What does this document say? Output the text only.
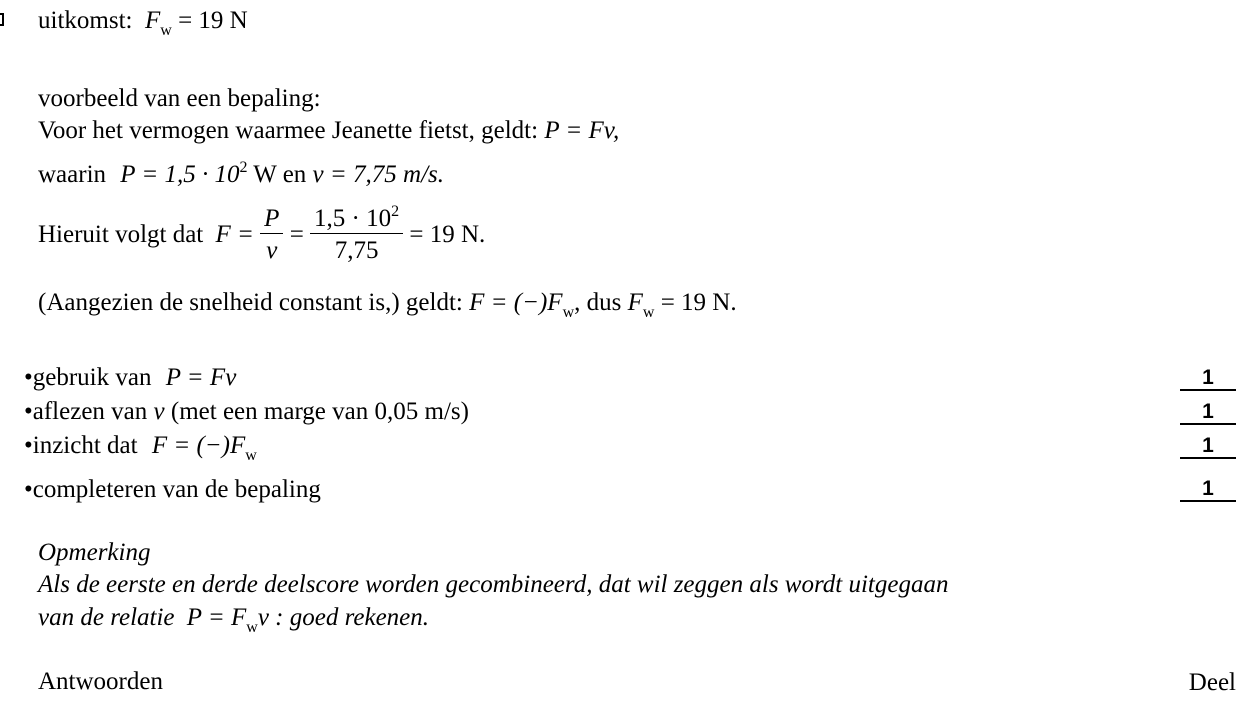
uitkomst:  $F_w = 19$ N
voorbeeld van een bepaling:
Voor het vermogen waarmee Jeanette fietst, geldt: P = Fv,
waarin $P = 1,5 \cdot 10^2$ W en v = 7,75 m/s.
Hieruit volgt dat $F = \frac{P}{v} = \frac{1,5 \cdot 10^2}{7,75} = 19$ N.
(Aangezien de snelheid constant is,) geldt: $F = (-)F_w$, dus $F_w = 19$ N.
•gebruik van P = Fv	1
•aflezen van v (met een marge van 0,05 m/s)	1
•inzicht dat $F = (-)F_w$	1
•completeren van de bepaling	1
Opmerking
Als de eerste en derde deelscore worden gecombineerd, dat wil zeggen als wordt uitgegaan
van de relatie $P = F_wv$ : goed rekenen.
Antwoorden	Deel
